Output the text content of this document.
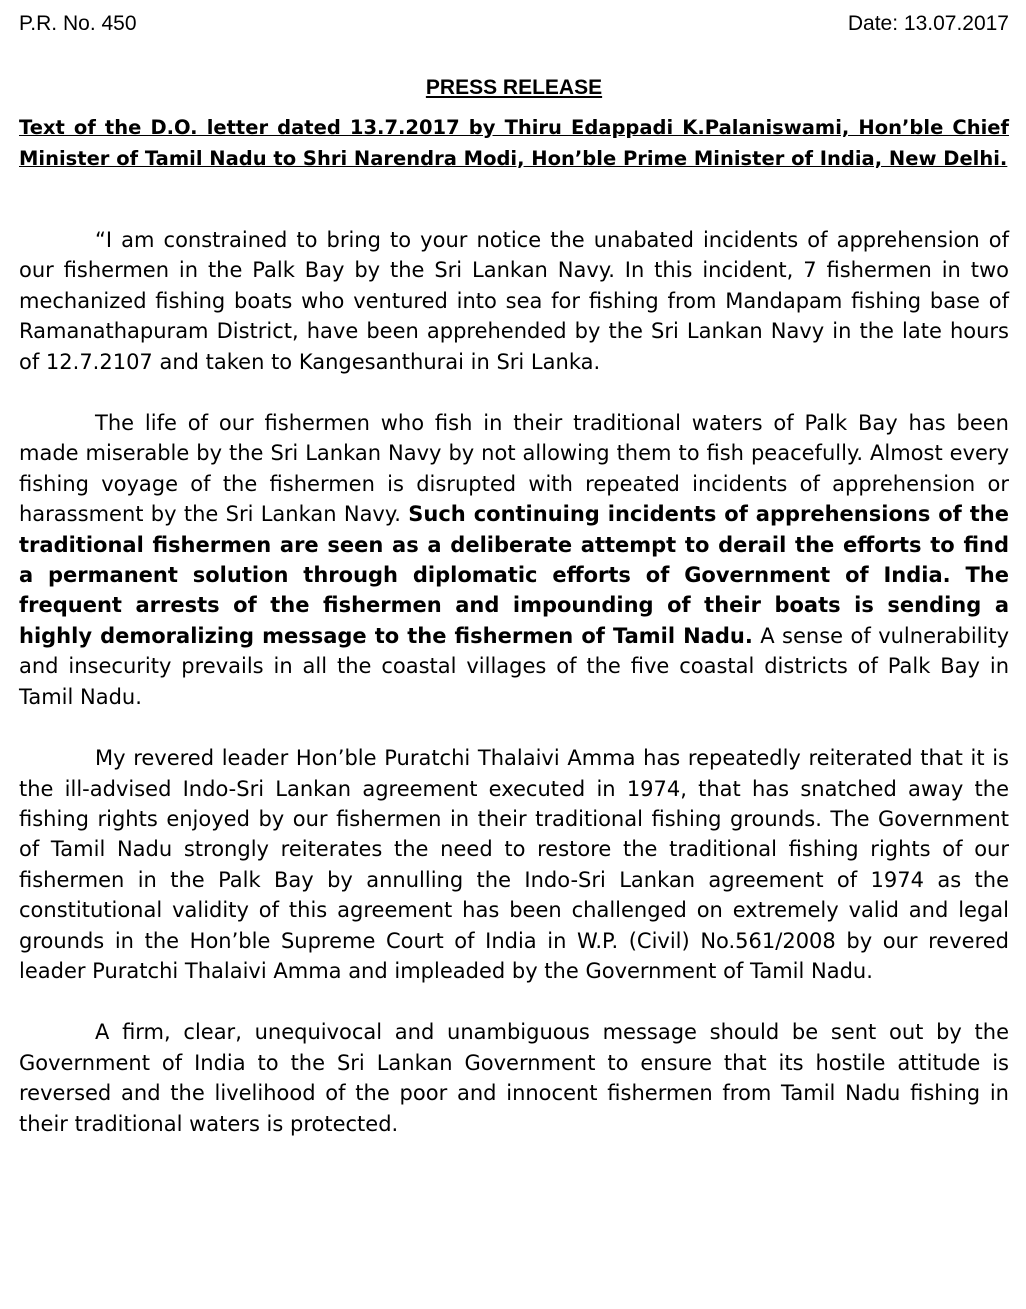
P.R. No. 450	Date: 13.07.2017
PRESS RELEASE
Text of the D.O. letter dated 13.7.2017 by Thiru Edappadi K.Palaniswami, Hon’ble Chief Minister of Tamil Nadu to Shri Narendra Modi, Hon’ble Prime Minister of India, New Delhi.

“I am constrained to bring to your notice the unabated incidents of apprehension of our fishermen in the Palk Bay by the Sri Lankan Navy. In this incident, 7 fishermen in two mechanized fishing boats who ventured into sea for fishing from Mandapam fishing base of Ramanathapuram District, have been apprehended by the Sri Lankan Navy in the late hours of 12.7.2107 and taken to Kangesanthurai in Sri Lanka.

The life of our fishermen who fish in their traditional waters of Palk Bay has been made miserable by the Sri Lankan Navy by not allowing them to fish peacefully. Almost every fishing voyage of the fishermen is disrupted with repeated incidents of apprehension or harassment by the Sri Lankan Navy. Such continuing incidents of apprehensions of the traditional fishermen are seen as a deliberate attempt to derail the efforts to find a permanent solution through diplomatic efforts of Government of India. The frequent arrests of the fishermen and impounding of their boats is sending a highly demoralizing message to the fishermen of Tamil Nadu. A sense of vulnerability and insecurity prevails in all the coastal villages of the five coastal districts of Palk Bay in Tamil Nadu.

My revered leader Hon’ble Puratchi Thalaivi Amma has repeatedly reiterated that it is the ill-advised Indo-Sri Lankan agreement executed in 1974, that has snatched away the fishing rights enjoyed by our fishermen in their traditional fishing grounds. The Government of Tamil Nadu strongly reiterates the need to restore the traditional fishing rights of our fishermen in the Palk Bay by annulling the Indo-Sri Lankan agreement of 1974 as the constitutional validity of this agreement has been challenged on extremely valid and legal grounds in the Hon’ble Supreme Court of India in W.P. (Civil) No.561/2008 by our revered leader Puratchi Thalaivi Amma and impleaded by the Government of Tamil Nadu.

A firm, clear, unequivocal and unambiguous message should be sent out by the Government of India to the Sri Lankan Government to ensure that its hostile attitude is reversed and the livelihood of the poor and innocent fishermen from Tamil Nadu fishing in their traditional waters is protected.
